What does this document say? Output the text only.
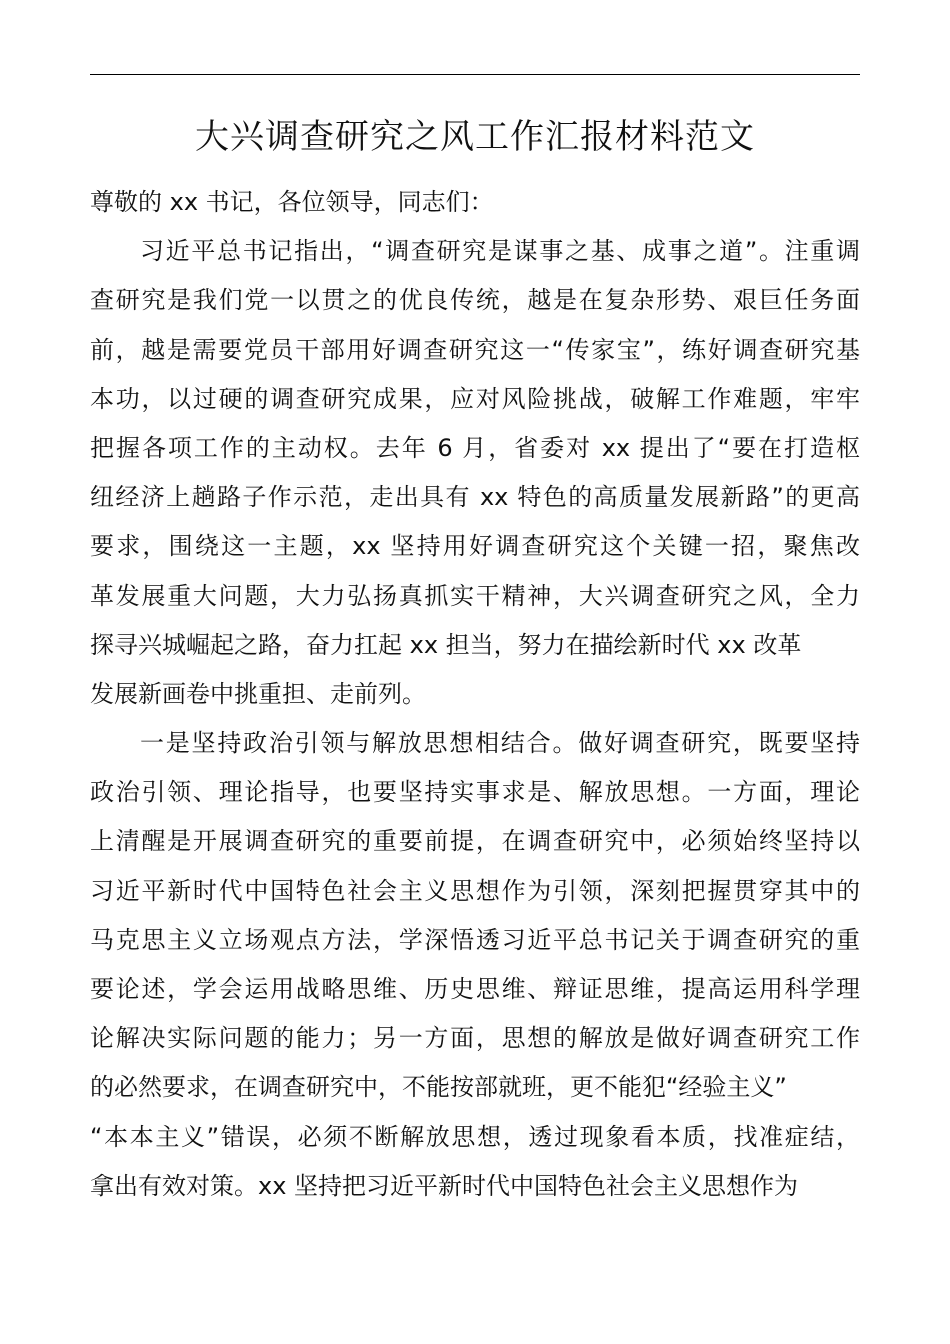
大兴调查研究之风工作汇报材料范文
尊敬的 xx 书记，各位领导，同志们：
习近平总书记指出，“调查研究是谋事之基、成事之道”。注重调
查研究是我们党一以贯之的优良传统，越是在复杂形势、艰巨任务面
前，越是需要党员干部用好调查研究这一“传家宝”，练好调查研究基
本功，以过硬的调查研究成果，应对风险挑战，破解工作难题，牢牢
把握各项工作的主动权。去年 6 月，省委对 xx 提出了“要在打造枢
纽经济上趟路子作示范，走出具有 xx 特色的高质量发展新路”的更高
要求，围绕这一主题，xx 坚持用好调查研究这个关键一招，聚焦改
革发展重大问题，大力弘扬真抓实干精神，大兴调查研究之风，全力
探寻兴城崛起之路，奋力扛起 xx 担当，努力在描绘新时代 xx 改革
发展新画卷中挑重担、走前列。
一是坚持政治引领与解放思想相结合。做好调查研究，既要坚持
政治引领、理论指导，也要坚持实事求是、解放思想。一方面，理论
上清醒是开展调查研究的重要前提，在调查研究中，必须始终坚持以
习近平新时代中国特色社会主义思想作为引领，深刻把握贯穿其中的
马克思主义立场观点方法，学深悟透习近平总书记关于调查研究的重
要论述，学会运用战略思维、历史思维、辩证思维，提高运用科学理
论解决实际问题的能力；另一方面，思想的解放是做好调查研究工作
的必然要求，在调查研究中，不能按部就班，更不能犯“经验主义”
“本本主义”错误，必须不断解放思想，透过现象看本质，找准症结，
拿出有效对策。xx 坚持把习近平新时代中国特色社会主义思想作为
